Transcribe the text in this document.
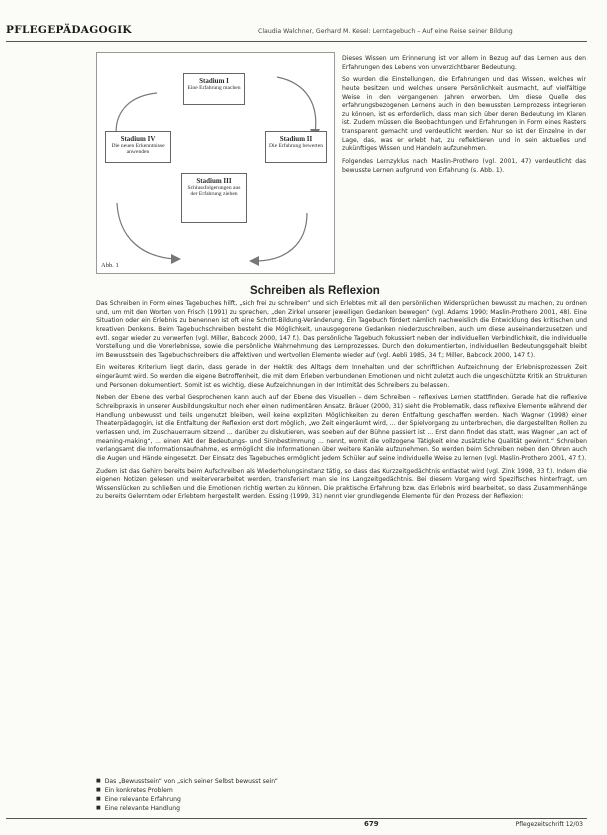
PFLEGEPÄDAGOGIK	Claudia Walchner, Gerhard M. Kesel: Lerntagebuch – Auf eine Reise seiner Bildung
Stadium I
Eine Erfahrung machen
Stadium II
Die Erfahrung bewerten
Stadium III
Schlussfolgerungen aus der Erfahrung ziehen
Stadium IV
Die neuen Erkenntnisse anwenden
Abb. 1

Dieses Wissen um Erinnerung ist vor allem in Bezug auf das Lernen aus den Erfahrungen des Lebens von unverzichtbarer Bedeutung.

So wurden die Einstellungen, die Erfahrungen und das Wissen, welches wir heute besitzen und welches unsere Persönlichkeit ausmacht, auf vielfältige Weise in den vergangenen Jahren erworben. Um diese Quelle des erfahrungsbezogenen Lernens auch in den bewussten Lernprozess integrieren zu können, ist es erforderlich, dass man sich über deren Bedeutung im Klaren ist. Zudem müssen die Beobachtungen und Erfahrungen in Form eines Rasters transparent gemacht und verdeutlicht werden. Nur so ist der Einzelne in der Lage, das, was er erlebt hat, zu reflektieren und in sein aktuelles und zukünftiges Wissen und Handeln aufzunehmen.

Folgendes Lernzyklus nach Maslin-Prothero (vgl. 2001, 47) verdeutlicht das bewusste Lernen aufgrund von Erfahrung (s. Abb. 1).

Schreiben als Reflexion

Das Schreiben in Form eines Tagebuches hilft, „sich frei zu schreiben“ und sich Erlebtes mit all den persönlichen Widersprüchen bewusst zu machen, zu ordnen und, um mit den Worten von Frisch (1991) zu sprechen, „den Zirkel unserer jeweiligen Gedanken bewegen“ (vgl. Adams 1990; Maslin-Prothero 2001, 48). Eine Situation oder ein Erlebnis zu benennen ist oft eine Schritt-Bildung-Veränderung. Ein Tagebuch fördert nämlich nachweislich die Entwicklung des kritischen und kreativen Denkens. Beim Tagebuchschreiben besteht die Möglichkeit, unausgegorene Gedanken niederzuschreiben, auch um diese auseinanderzusetzen und evtl. sogar wieder zu verwerfen (vgl. Miller, Babcock 2000, 147 f.). Das persönliche Tagebuch fokussiert neben der individuellen Verbindlichkeit, die individuelle Vorstellung und die Vorerlebnisse, sowie die persönliche Wahrnehmung des Lernprozesses. Durch den dokumentierten, individuellen Bedeutungsgehalt bleibt im Bewusstsein des Tagebuchschreibers die affektiven und wertvollen Elemente wieder auf (vgl. Aebli 1985, 34 f.; Miller, Babcock 2000, 147 f.).

Ein weiteres Kriterium liegt darin, dass gerade in der Hektik des Alltags dem Innehalten und der schriftlichen Aufzeichnung der Erlebnisprozessen Zeit eingeräumt wird. So werden die eigene Betroffenheit, die mit dem Erleben verbundenen Emotionen und nicht zuletzt auch die ungeschützte Kritik an Strukturen und Personen dokumentiert. Somit ist es wichtig, diese Aufzeichnungen in der Intimität des Schreibers zu belassen.

Neben der Ebene des verbal Gesprochenen kann auch auf der Ebene des Visuellen – dem Schreiben – reflexives Lernen stattfinden. Gerade hat die reflexive Schreibpraxis in unserer Ausbildungskultur noch eher einen rudimentären Ansatz. Bräuer (2000, 31) sieht die Problematik, dass reflexive Elemente während der Handlung unbewusst und teils ungenutzt bleiben, weil keine expliziten Möglichkeiten zu deren Entfaltung geschaffen werden. Nach Wagner (1998) einer Theaterpädagogin, ist die Entfaltung der Reflexion erst dort möglich, „wo Zeit eingeräumt wird, ... der Spielvorgang zu unterbrechen, die dargestellten Rollen zu verlassen und, im Zuschauerraum sitzend ... darüber zu diskutieren, was soeben auf der Bühne passiert ist ... Erst dann findet das statt, was Wagner „an act of meaning-making“, ... einen Akt der Bedeutungs- und Sinnbestimmung ... nennt, womit die vollzogene Tätigkeit eine zusätzliche Qualität gewinnt.“ Schreiben verlangsamt die Informationsaufnahme, es ermöglicht die Informationen über weitere Kanäle aufzunehmen. So werden beim Schreiben neben den Ohren auch die Augen und Hände eingesetzt. Der Einsatz des Tagebuches ermöglicht jedem Schüler auf seine individuelle Weise zu lernen (vgl. Maslin-Prothero 2001, 47 f.).

Zudem ist das Gehirn bereits beim Aufschreiben als Wiederholungsinstanz tätig, so dass das Kurzzeitgedächtnis entlastet wird (vgl. Zink 1998, 33 f.). Indem die eigenen Notizen gelesen und weiterverarbeitet werden, transferiert man sie ins Langzeitgedächtnis. Bei diesem Vorgang wird Spezifisches hinterfragt, um Wissenslücken zu schließen und die Emotionen richtig werten zu können. Die praktische Erfahrung bzw. das Erlebnis wird bearbeitet, so dass Zusammenhänge zu bereits Gelerntem oder Erlebtem hergestellt werden. Essing (1999, 31) nennt vier grundlegende Elemente für den Prozess der Reflexion:

■ Das „Bewusstsein“ von „sich seiner Selbst bewusst sein“
■ Ein konkretes Problem
■ Eine relevante Erfahrung
■ Eine relevante Handlung
679	Pflegezeitschrift 12/03
